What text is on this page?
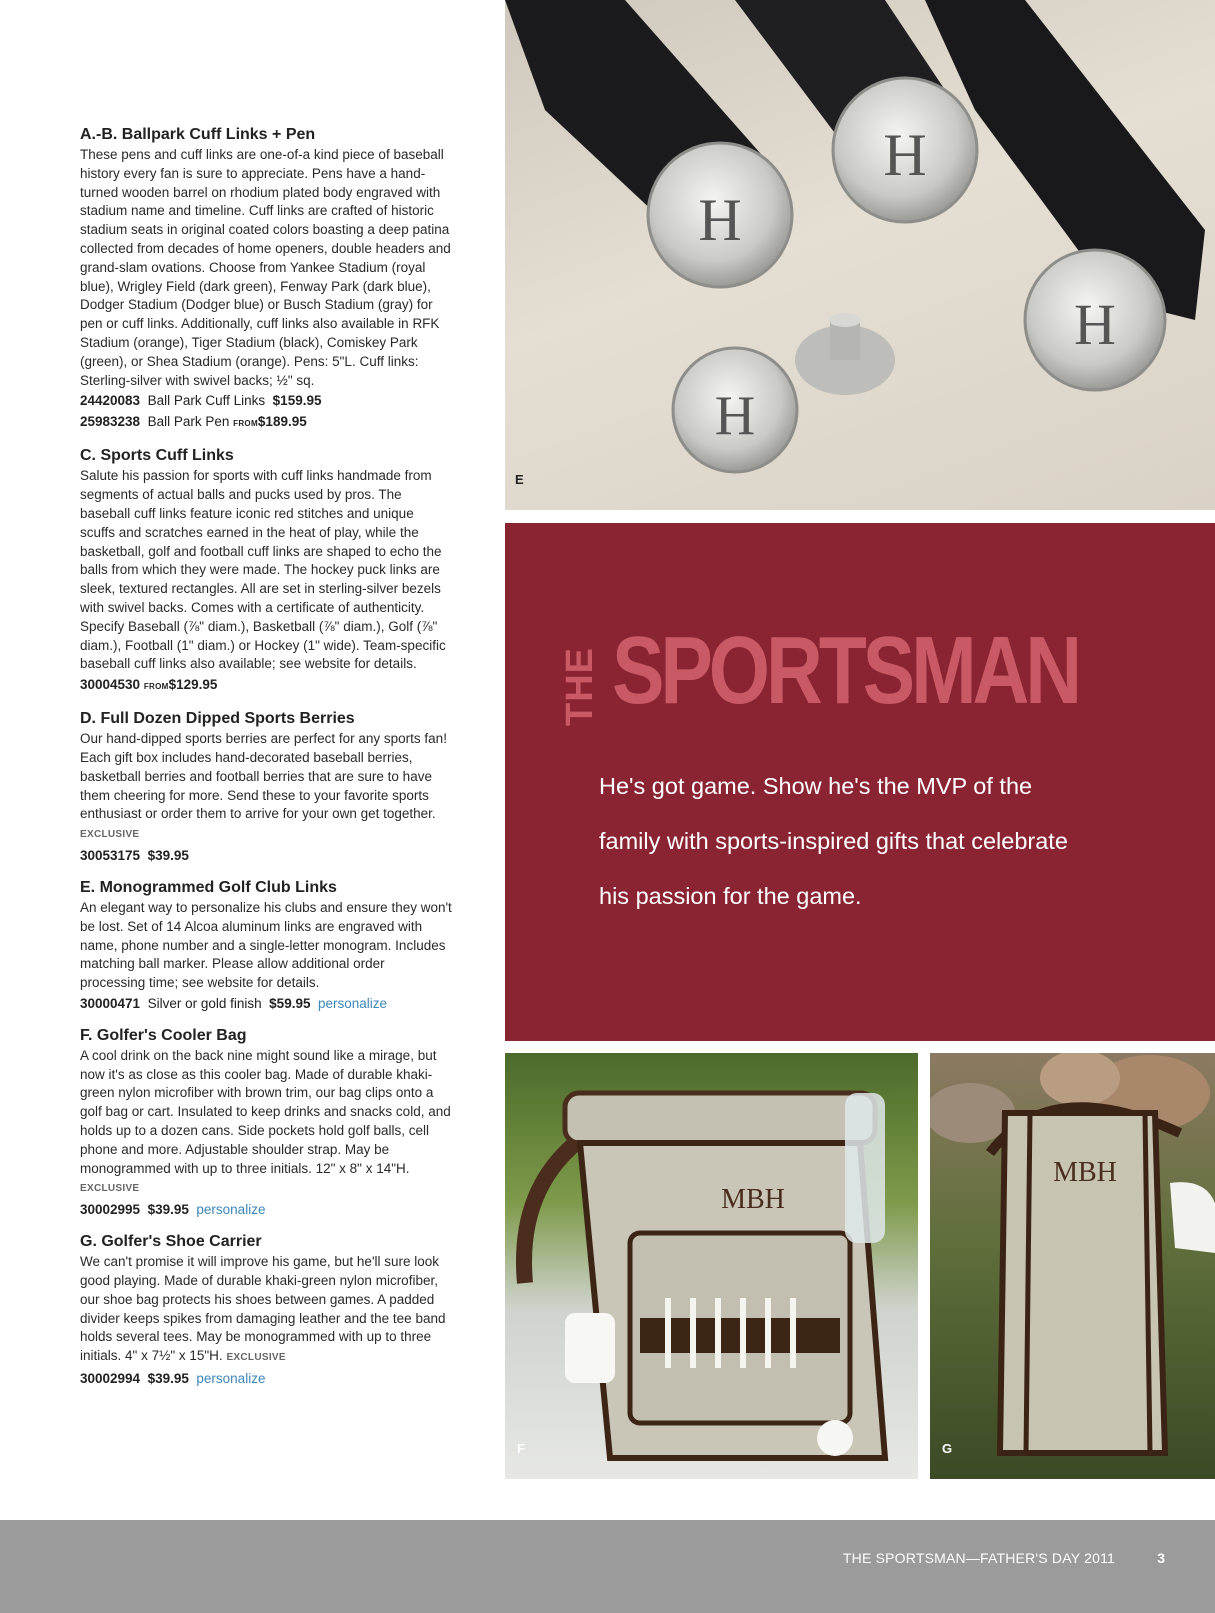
A.-B. Ballpark Cuff Links + Pen

These pens and cuff links are one-of-a kind piece of baseball history every fan is sure to appreciate. Pens have a hand-turned wooden barrel on rhodium plated body engraved with stadium name and timeline. Cuff links are crafted of historic stadium seats in original coated colors boasting a deep patina collected from decades of home openers, double headers and grand-slam ovations. Choose from Yankee Stadium (royal blue), Wrigley Field (dark green), Fenway Park (dark blue), Dodger Stadium (Dodger blue) or Busch Stadium (gray) for pen or cuff links. Additionally, cuff links also available in RFK Stadium (orange), Tiger Stadium (black), Comiskey Park (green), or Shea Stadium (orange). Pens: 5"L. Cuff links: Sterling-silver with swivel backs; ½" sq.

24420083 Ball Park Cuff Links $159.95
25983238 Ball Park Pen FROM$189.95
C. Sports Cuff Links

Salute his passion for sports with cuff links handmade from segments of actual balls and pucks used by pros. The baseball cuff links feature iconic red stitches and unique scuffs and scratches earned in the heat of play, while the basketball, golf and football cuff links are shaped to echo the balls from which they were made. The hockey puck links are sleek, textured rectangles. All are set in sterling-silver bezels with swivel backs. Comes with a certificate of authenticity. Specify Baseball (⅞" diam.), Basketball (⅞" diam.), Golf (⅞" diam.), Football (1" diam.) or Hockey (1" wide). Team-specific baseball cuff links also available; see website for details.

30004530 FROM$129.95
D. Full Dozen Dipped Sports Berries

Our hand-dipped sports berries are perfect for any sports fan! Each gift box includes hand-decorated baseball berries, basketball berries and football berries that are sure to have them cheering for more. Send these to your favorite sports enthusiast or order them to arrive for your own get together. EXCLUSIVE

30053175 $39.95
E. Monogrammed Golf Club Links

An elegant way to personalize his clubs and ensure they won't be lost. Set of 14 Alcoa aluminum links are engraved with name, phone number and a single-letter monogram. Includes matching ball marker. Please allow additional order processing time; see website for details.

30000471 Silver or gold finish $59.95 personalize
F. Golfer's Cooler Bag

A cool drink on the back nine might sound like a mirage, but now it's as close as this cooler bag. Made of durable khaki-green nylon microfiber with brown trim, our bag clips onto a golf bag or cart. Insulated to keep drinks and snacks cold, and holds up to a dozen cans. Side pockets hold golf balls, cell phone and more. Adjustable shoulder strap. May be monogrammed with up to three initials. 12" x 8" x 14"H. EXCLUSIVE

30002995 $39.95 personalize
G. Golfer's Shoe Carrier

We can't promise it will improve his game, but he'll sure look good playing. Made of durable khaki-green nylon microfiber, our shoe bag protects his shoes between games. A padded divider keeps spikes from damaging leather and the tee band holds several tees. May be monogrammed with up to three initials. 4" x 7½" x 15"H. EXCLUSIVE

30002994 $39.95 personalize
H
H
H
H
E
THE SPORTSMAN
He's got game. Show he's the MVP of the
family with sports-inspired gifts that celebrate
his passion for the game.
MBH
F
MBH
G
THE SPORTSMAN—FATHER'S DAY 2011	3
